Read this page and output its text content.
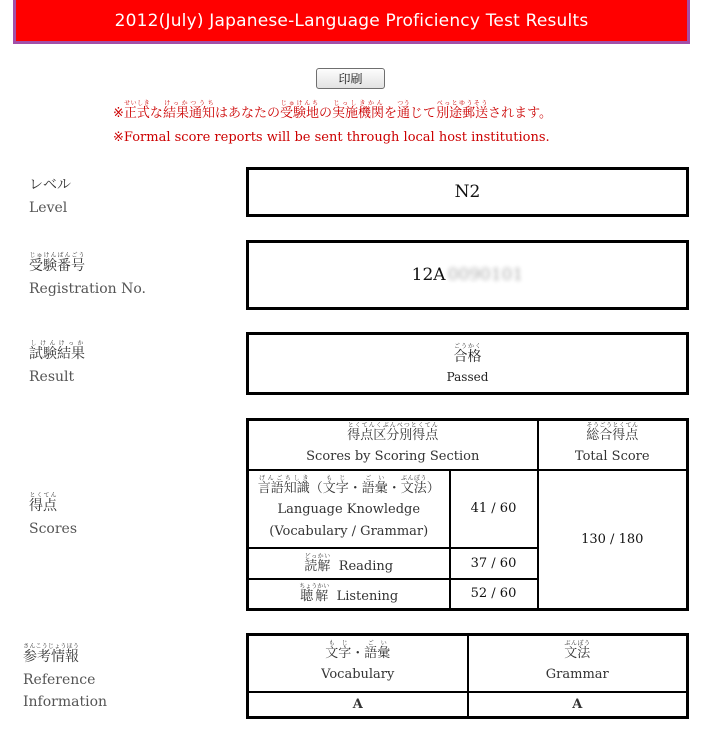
2012(July) Japanese-Language Proficiency Test Results
印刷
※正式せいしきな結果通知けっかつうちはあなたの受験地じゅけんちの実施機関じっしきかんを通つうじて別途郵送べっとゆうそうされます。
※Formal score reports will be sent through local host institutions.
レベル
Level
N2
受験番号じゅけんばんごう
Registration No.
12A 0090101
試験結果しけんけっか
Result
合格ごうかく
Passed
得点とくてん
Scores
得点区分別得点とくてんくぶんべつとくてん
Scores by Scoring Section		総合得点そうごうとくてん
Total Score

言語知識げんごちしき（文字もじ・語彙ごい・文法ぶんぽう）
Language Knowledge
(Vocabulary / Grammar)	41 / 60	130 / 180
読解どっかい  Reading	37 / 60	
聴解ちょうかい  Listening	52 / 60	
参考情報さんこうじょうほう
Reference
Information
文字もじ・語彙ごい
Vocabulary	文法ぶんぽう
Grammar

A	A
